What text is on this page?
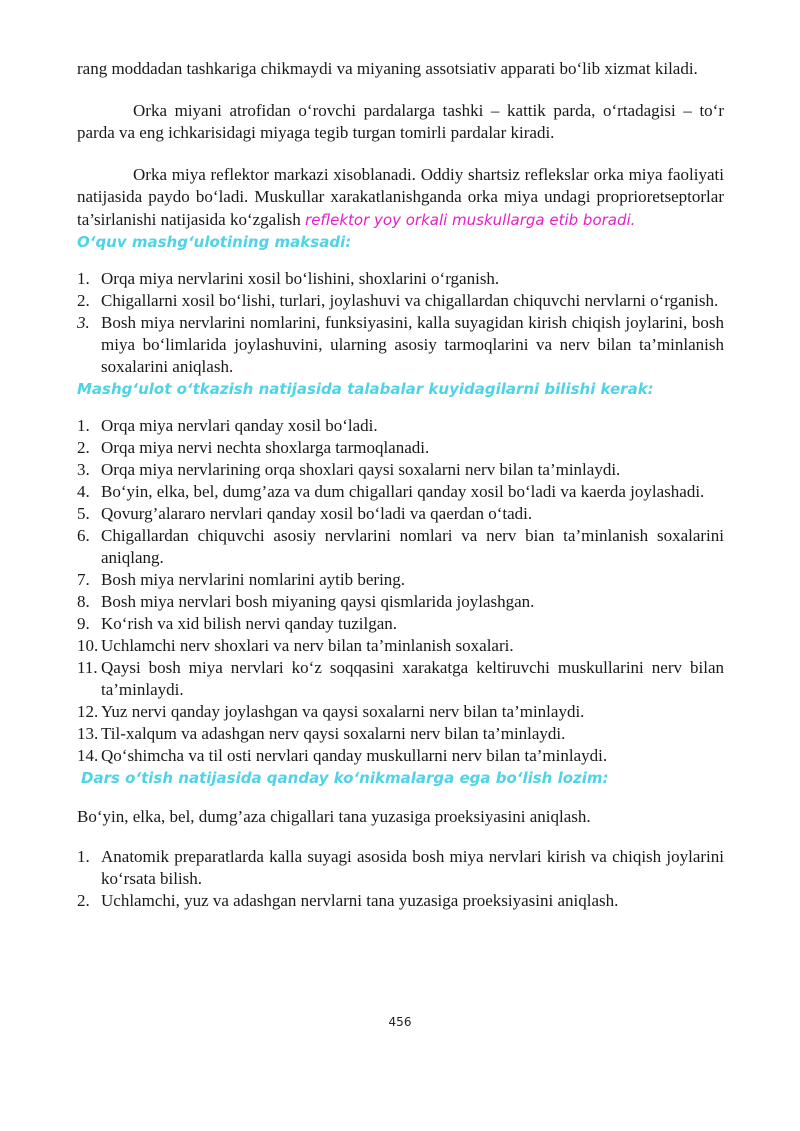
rang moddadan tashkariga chikmaydi va miyaning assotsiativ apparati bo‘lib xizmat kiladi.

Orka miyani atrofidan o‘rovchi pardalarga tashki – kattik parda, o‘rtadagisi – to‘r parda va eng ichkarisidagi miyaga tegib turgan tomirli pardalar kiradi.

Orka miya reflektor markazi xisoblanadi. Oddiy shartsiz reflekslar orka miya faoliyati natijasida paydo bo‘ladi. Muskullar xarakatlanishganda orka miya undagi proprioretseptorlar ta’sirlanishi natijasida ko‘zgalish reflektor yoy orkali muskullarga etib boradi.

O‘quv mashg‘ulotining maksadi:
1. Orqa miya nervlarini xosil bo‘lishini, shoxlarini o‘rganish.
2. Chigallarni xosil bo‘lishi, turlari, joylashuvi va chigallardan chiquvchi nervlarni o‘rganish.
3. Bosh miya nervlarini nomlarini, funksiyasini, kalla suyagidan kirish chiqish joylarini, bosh miya bo‘limlarida joylashuvini, ularning asosiy tarmoqlarini va nerv bilan ta’minlanish soxalarini aniqlash.
Mashg‘ulot o‘tkazish natijasida talabalar kuyidagilarni bilishi kerak:
1. Orqa miya nervlari qanday xosil bo‘ladi.
2. Orqa miya nervi nechta shoxlarga tarmoqlanadi.
3. Orqa miya nervlarining orqa shoxlari qaysi soxalarni nerv bilan ta’minlaydi.
4. Bo‘yin, elka, bel, dumg’aza va dum chigallari qanday xosil bo‘ladi va kaerda joylashadi.
5. Qovurg’alararo nervlari qanday xosil bo‘ladi va qaerdan o‘tadi.
6. Chigallardan chiquvchi asosiy nervlarini nomlari va nerv bian ta’minlanish soxalarini aniqlang.
7. Bosh miya nervlarini nomlarini aytib bering.
8. Bosh miya nervlari bosh miyaning qaysi qismlarida joylashgan.
9. Ko‘rish va xid bilish nervi qanday tuzilgan.
10. Uchlamchi nerv shoxlari va nerv bilan ta’minlanish soxalari.
11. Qaysi bosh miya nervlari ko‘z soqqasini xarakatga keltiruvchi muskullarini nerv bilan ta’minlaydi.
12. Yuz nervi qanday joylashgan va qaysi soxalarni nerv bilan ta’minlaydi.
13. Til-xalqum va adashgan nerv qaysi soxalarni nerv bilan ta’minlaydi.
14. Qo‘shimcha va til osti nervlari qanday muskullarni nerv bilan ta’minlaydi.
Dars o‘tish natijasida qanday ko‘nikmalarga ega bo‘lish lozim:

Bo‘yin, elka, bel, dumg’aza chigallari tana yuzasiga proeksiyasini aniqlash.

1. Anatomik preparatlarda kalla suyagi asosida bosh miya nervlari kirish va chiqish joylarini ko‘rsata bilish.
2. Uchlamchi, yuz va adashgan nervlarni tana yuzasiga proeksiyasini aniqlash.
456
